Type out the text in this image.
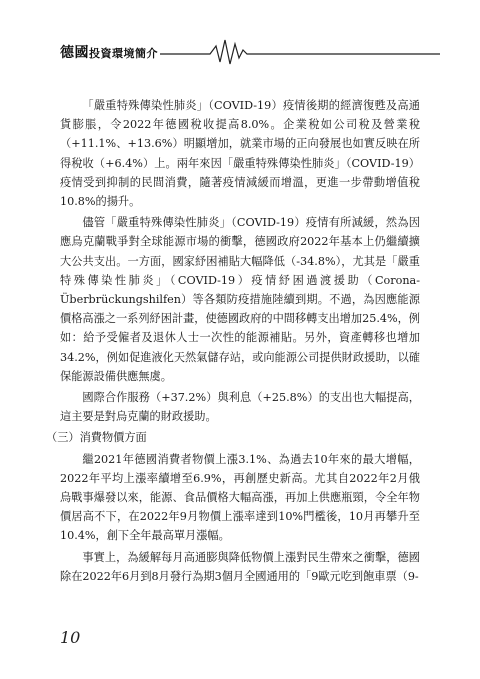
德國投資環境簡介

「嚴重特殊傳染性肺炎」（COVID-19）疫情後期的經濟復甦及高通貨膨脹，令2022年德國稅收提高8.0%。企業稅如公司稅及營業稅（+11.1%、+13.6%）明顯增加，就業市場的正向發展也如實反映在所得稅收（+6.4%）上。兩年來因「嚴重特殊傳染性肺炎」（COVID-19）疫情受到抑制的民間消費，隨著疫情減緩而增溫，更進一步帶動增值稅10.8%的揚升。

儘管「嚴重特殊傳染性肺炎」（COVID-19）疫情有所減緩，然為因應烏克蘭戰爭對全球能源市場的衝擊，德國政府2022年基本上仍繼續擴大公共支出。一方面，國家紓困補貼大幅降低（-34.8%），尤其是「嚴重特殊傳染性肺炎」（COVID-19）疫情紓困過渡援助（Corona-Überbrückungshilfen）等各類防疫措施陸續到期。不過，為因應能源價格高漲之一系列紓困計畫，使德國政府的中間移轉支出增加25.4%，例如：給予受僱者及退休人士一次性的能源補貼。另外，資產轉移也增加34.2%，例如促進液化天然氣儲存站，或向能源公司提供財政援助，以確保能源設備供應無虞。

國際合作服務（+37.2%）與利息（+25.8%）的支出也大幅提高，這主要是對烏克蘭的財政援助。

（三）消費物價方面

繼2021年德國消費者物價上漲3.1%、為過去10年來的最大增幅，2022年平均上漲率續增至6.9%，再創歷史新高。尤其自2022年2月俄烏戰事爆發以來，能源、食品價格大幅高漲，再加上供應瓶頸，令全年物價居高不下，在2022年9月物價上漲率達到10%門檻後，10月再攀升至10.4%，創下全年最高單月漲幅。

事實上，為緩解每月高通膨與降低物價上漲對民生帶來之衝擊，德國除在2022年6月到8月發行為期3個月全國通用的「9歐元吃到飽車票（9-

10
